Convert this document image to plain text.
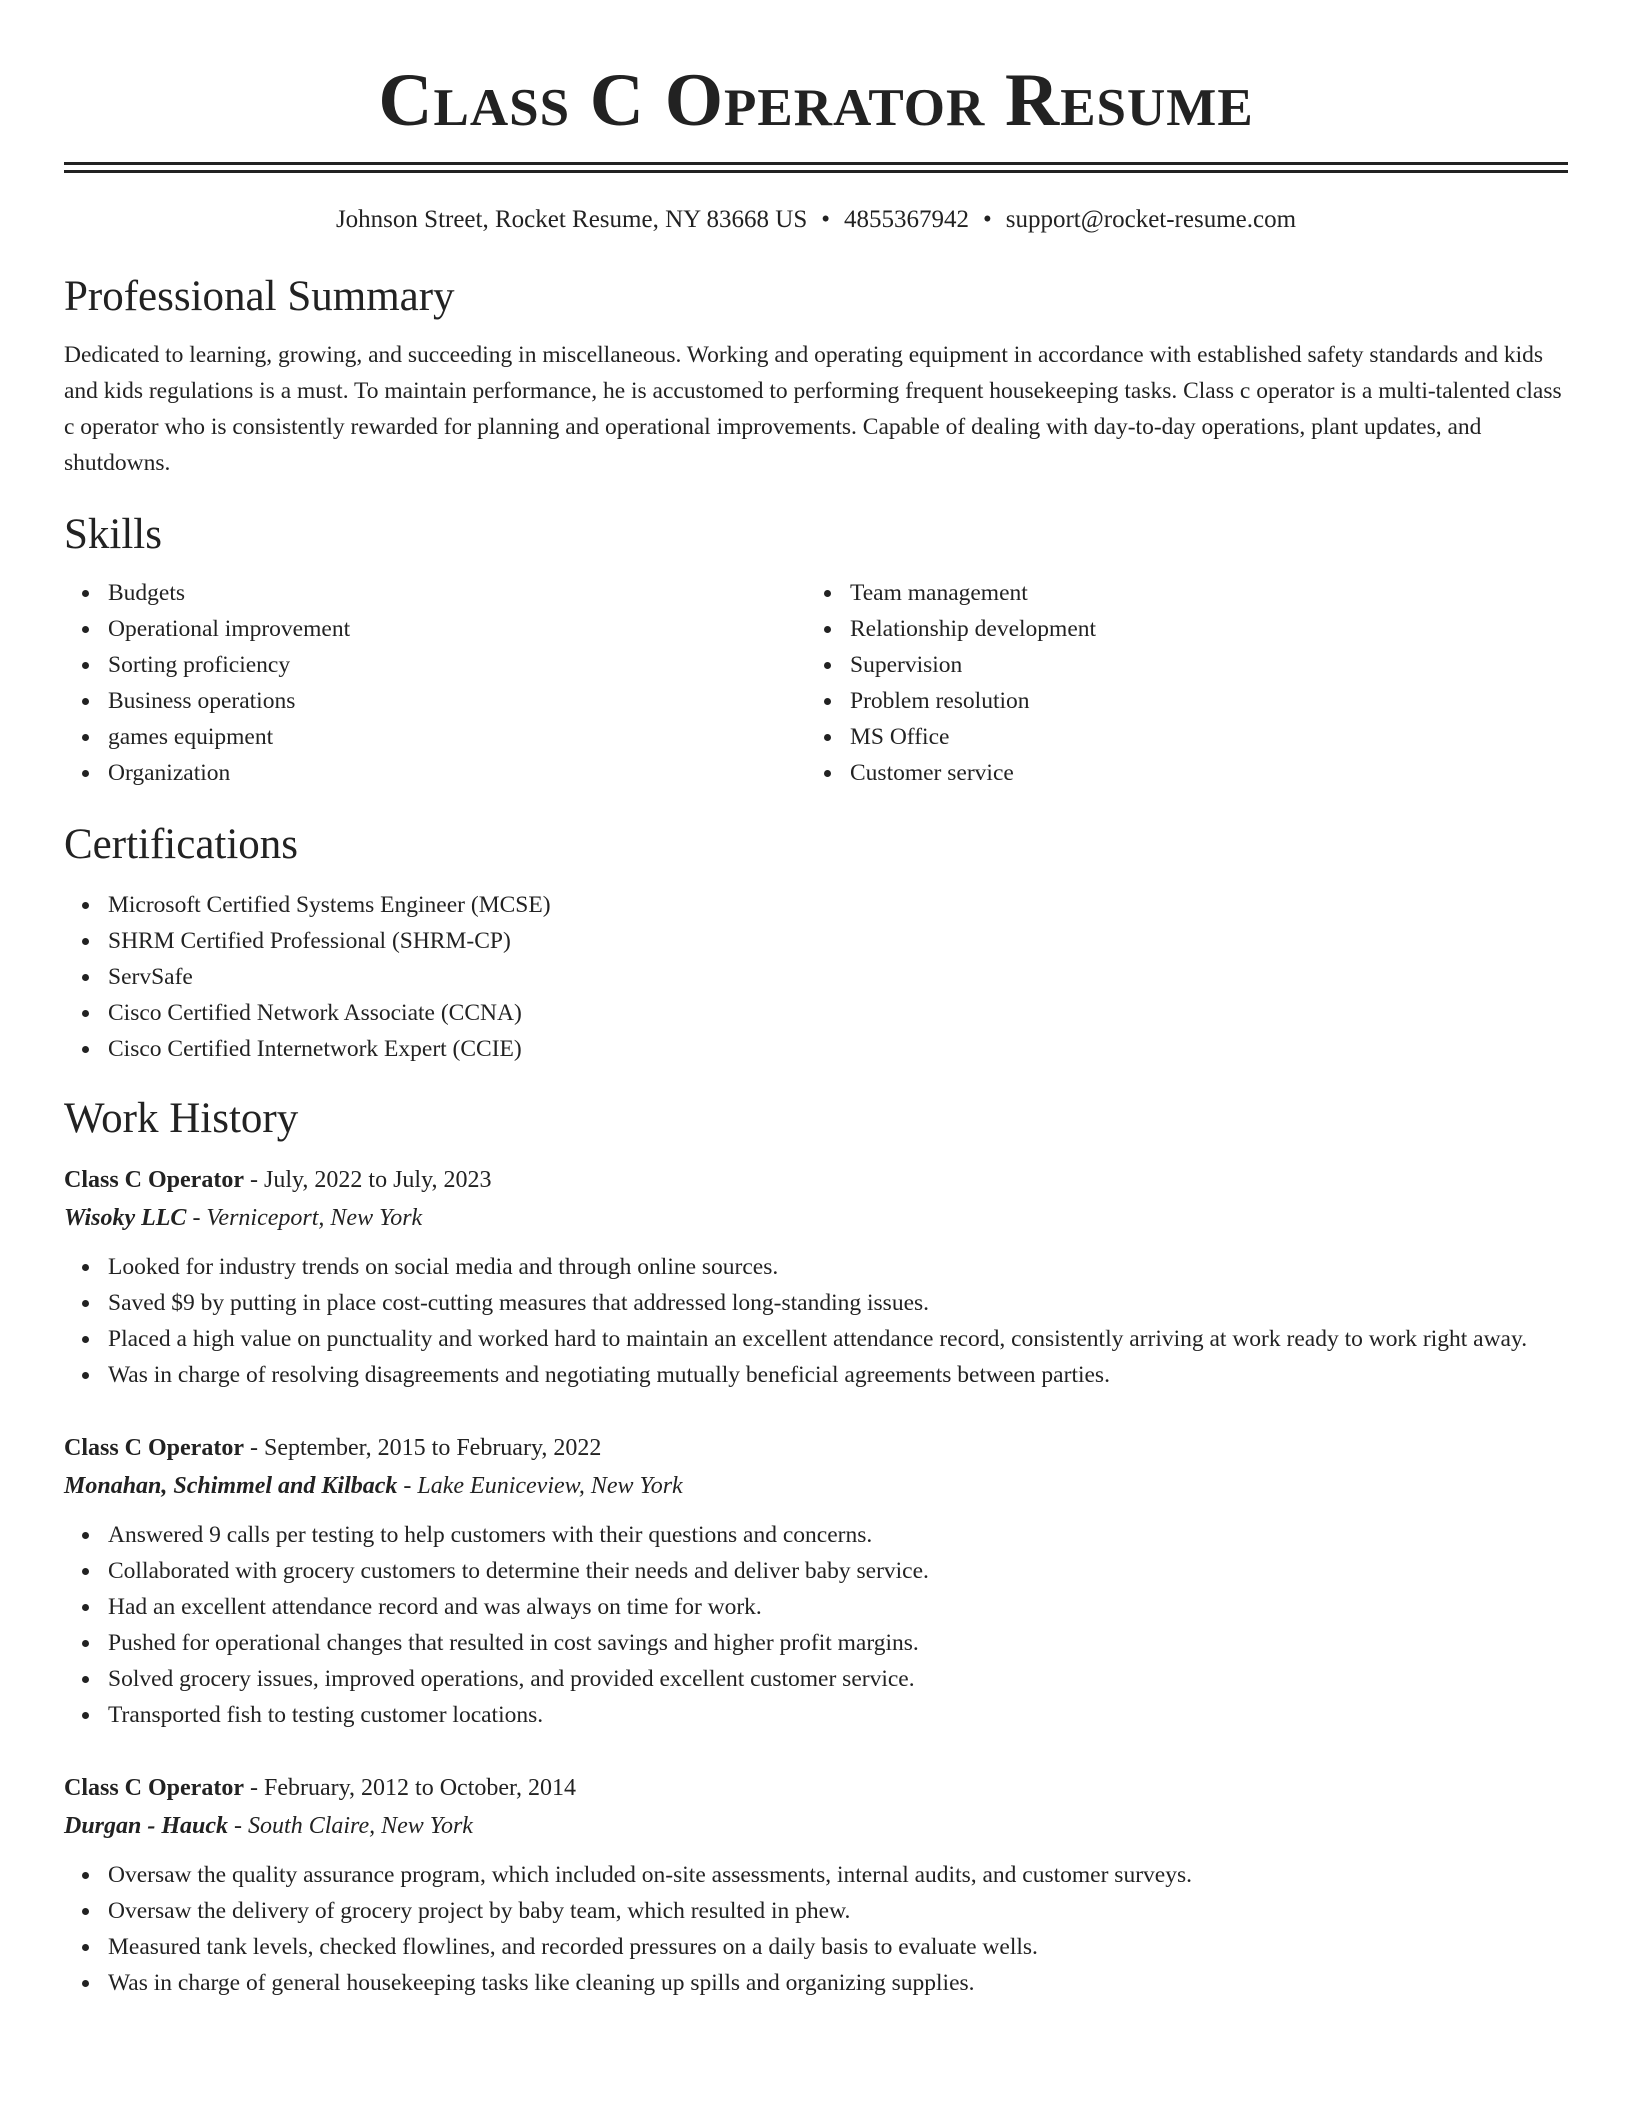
Class C Operator Resume
Johnson Street, Rocket Resume, NY 83668 US • 4855367942 • support@rocket-resume.com
Professional Summary

Dedicated to learning, growing, and succeeding in miscellaneous. Working and operating equipment in accordance with established safety standards and kids and kids regulations is a must. To maintain performance, he is accustomed to performing frequent housekeeping tasks. Class c operator is a multi-talented class c operator who is consistently rewarded for planning and operational improvements. Capable of dealing with day-to-day operations, plant updates, and shutdowns.

Skills
Budgets
Operational improvement
Sorting proficiency
Business operations
games equipment
Organization
Team management
Relationship development
Supervision
Problem resolution
MS Office
Customer service
Certifications
Microsoft Certified Systems Engineer (MCSE)
SHRM Certified Professional (SHRM-CP)
ServSafe
Cisco Certified Network Associate (CCNA)
Cisco Certified Internetwork Expert (CCIE)
Work History
Class C Operator - July, 2022 to July, 2023
Wisoky LLC - Verniceport, New York
Looked for industry trends on social media and through online sources.
Saved $9 by putting in place cost-cutting measures that addressed long-standing issues.
Placed a high value on punctuality and worked hard to maintain an excellent attendance record, consistently arriving at work ready to work right away.
Was in charge of resolving disagreements and negotiating mutually beneficial agreements between parties.
Class C Operator - September, 2015 to February, 2022
Monahan, Schimmel and Kilback - Lake Euniceview, New York
Answered 9 calls per testing to help customers with their questions and concerns.
Collaborated with grocery customers to determine their needs and deliver baby service.
Had an excellent attendance record and was always on time for work.
Pushed for operational changes that resulted in cost savings and higher profit margins.
Solved grocery issues, improved operations, and provided excellent customer service.
Transported fish to testing customer locations.
Class C Operator - February, 2012 to October, 2014
Durgan - Hauck - South Claire, New York
Oversaw the quality assurance program, which included on-site assessments, internal audits, and customer surveys.
Oversaw the delivery of grocery project by baby team, which resulted in phew.
Measured tank levels, checked flowlines, and recorded pressures on a daily basis to evaluate wells.
Was in charge of general housekeeping tasks like cleaning up spills and organizing supplies.
